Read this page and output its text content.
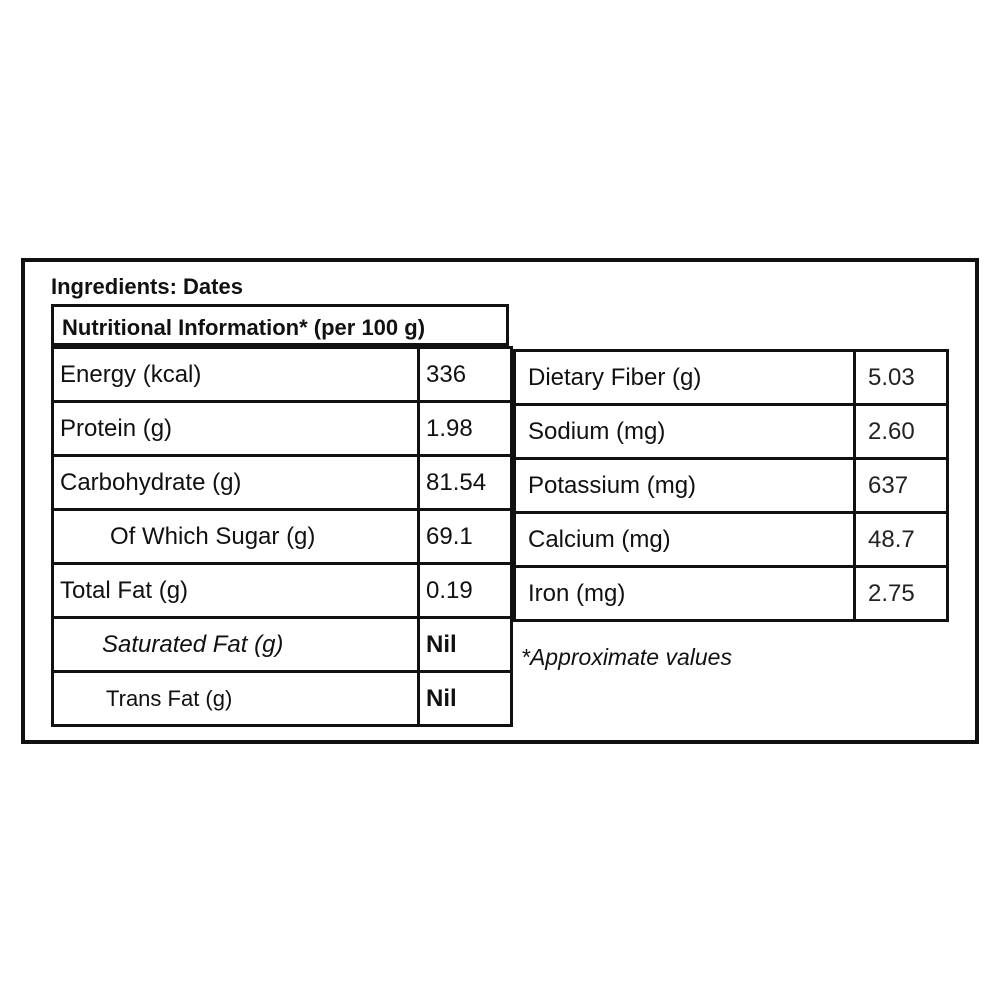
Ingredients: Dates
Nutritional Information* (per 100 g)
Energy (kcal)	336
Protein (g)	1.98
Carbohydrate (g)	81.54
Of Which Sugar (g)	69.1
Total Fat (g)	0.19
Saturated Fat (g)	Nil
Trans Fat (g)	Nil
Dietary Fiber (g)	5.03
Sodium (mg)	2.60
Potassium (mg)	637
Calcium (mg)	48.7
Iron (mg)	2.75
*Approximate values
